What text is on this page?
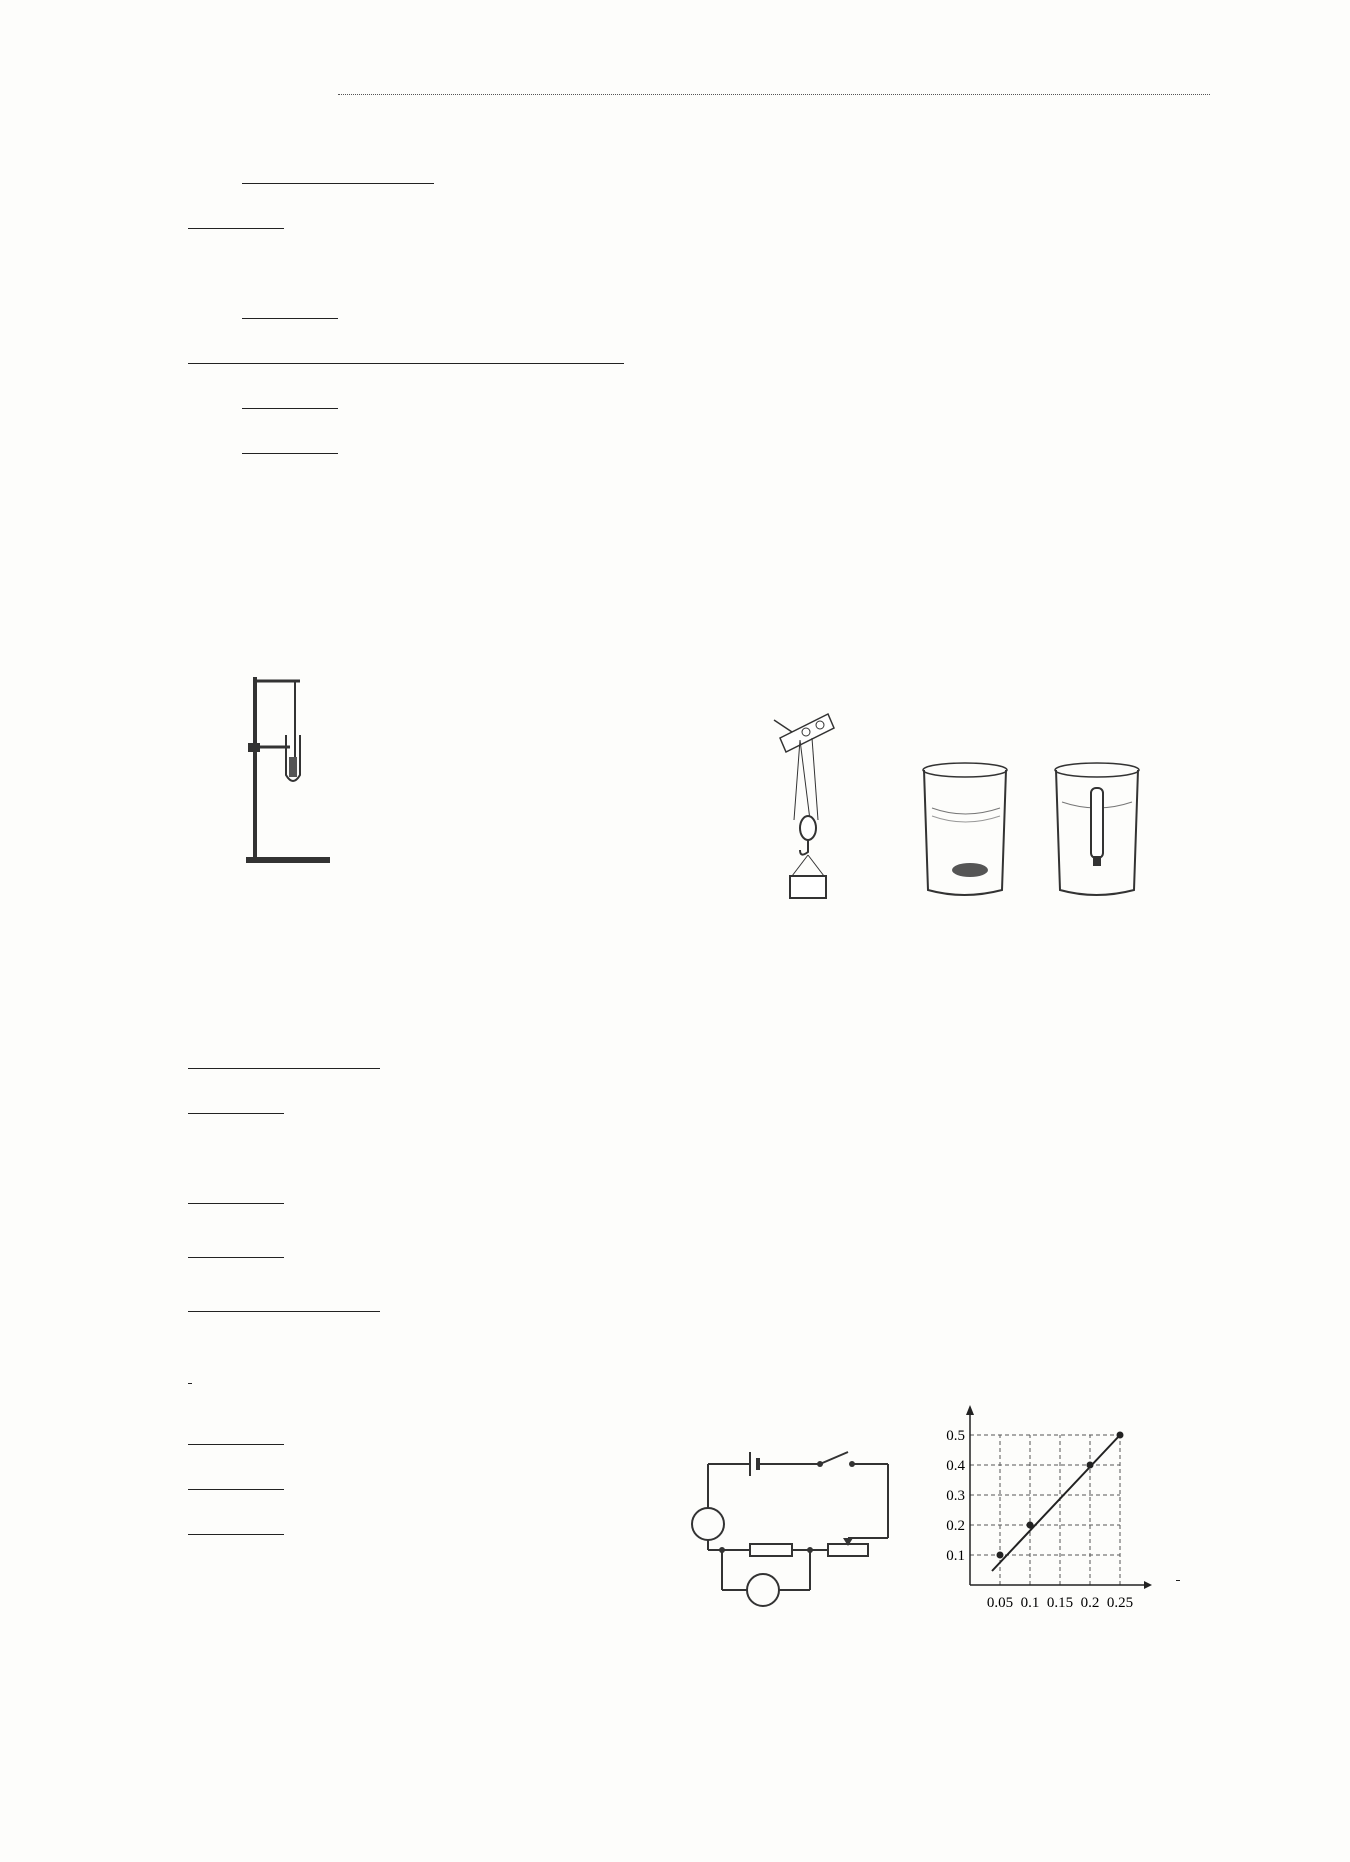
0.1
0.2
0.3
0.4
0.5
0.05 0.1 0.15 0.2 0.25
